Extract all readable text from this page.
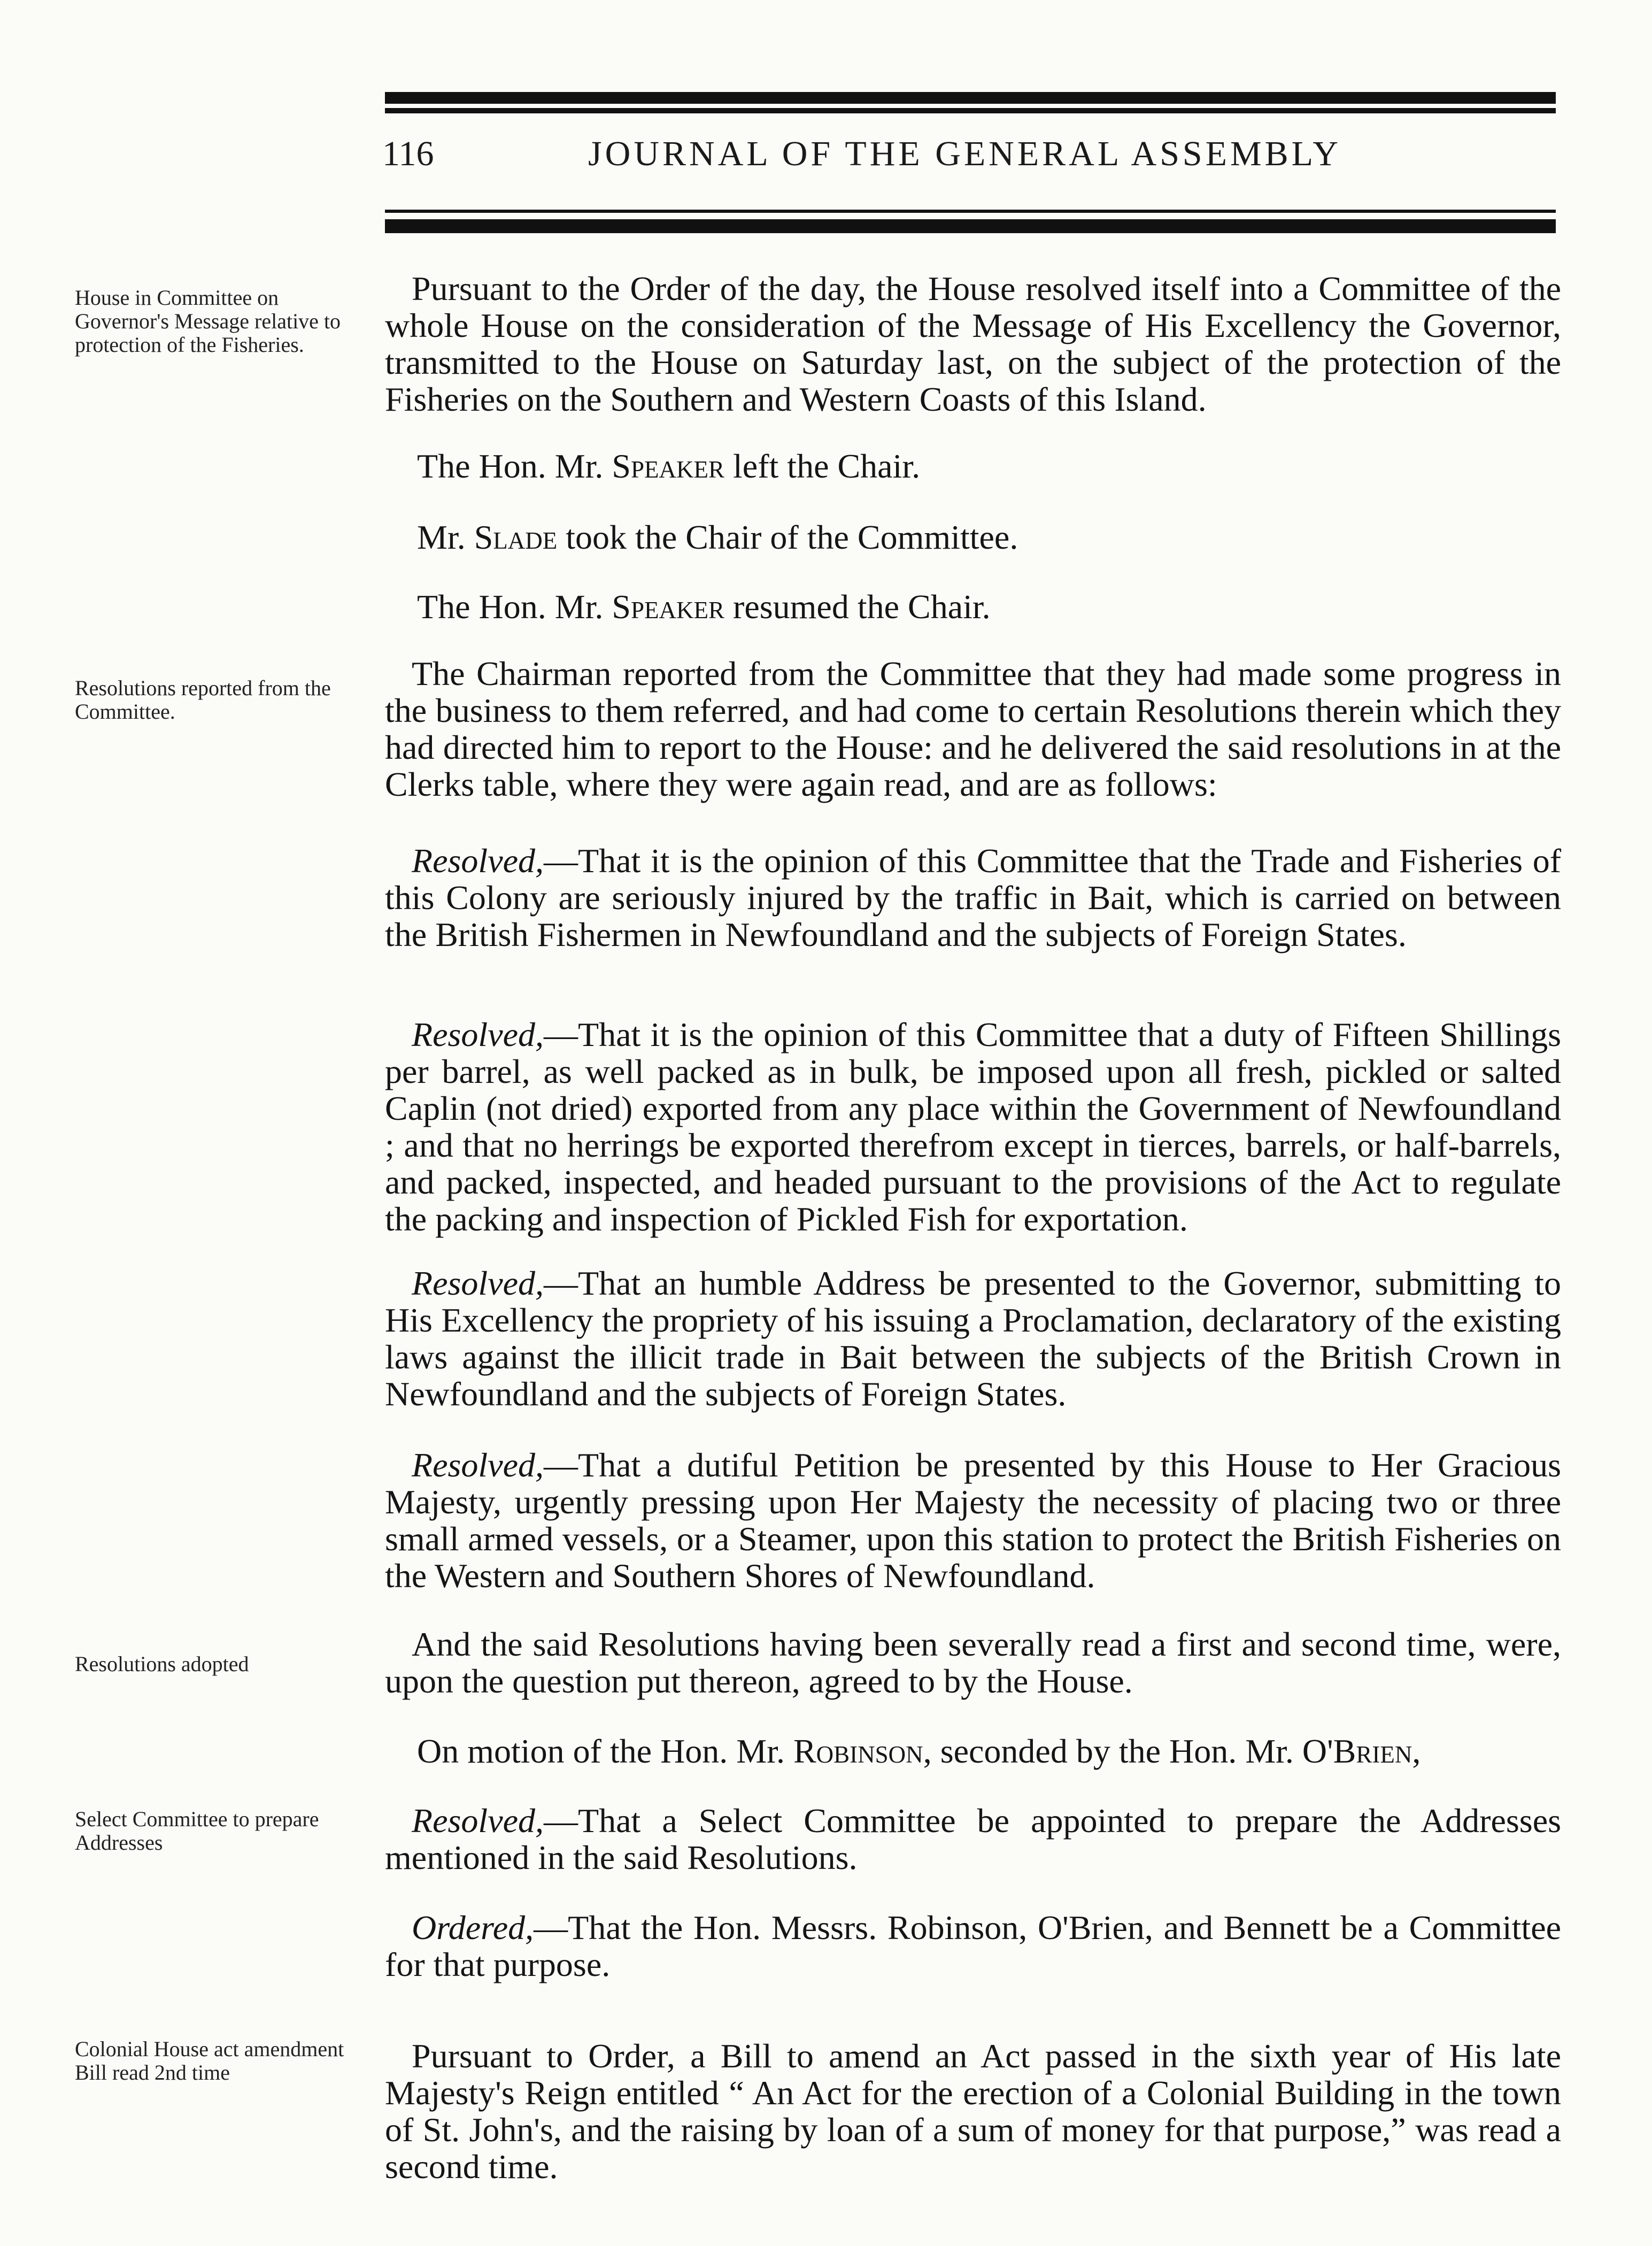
116	JOURNAL OF THE GENERAL ASSEMBLY
House in Committee on Governor's Message relative to protection of the Fisheries.
Resolutions reported from the Committee.
Resolutions adopted
Select Committee to prepare Addresses
Colonial House act amendment Bill read 2nd time
Pursuant to the Order of the day, the House resolved itself into a Committee of the whole House on the consideration of the Message of His Excellency the Governor, transmitted to the House on Saturday last, on the subject of the protection of the Fisheries on the Southern and Western Coasts of this Island.
The Hon. Mr. Speaker left the Chair.
Mr. Slade took the Chair of the Committee.
The Hon. Mr. Speaker resumed the Chair.
The Chairman reported from the Committee that they had made some progress in the business to them referred, and had come to certain Resolutions therein which they had directed him to report to the House: and he delivered the said resolutions in at the Clerks table, where they were again read, and are as follows:
Resolved,—That it is the opinion of this Committee that the Trade and Fisheries of this Colony are seriously injured by the traffic in Bait, which is carried on between the British Fishermen in Newfoundland and the subjects of Foreign States.
Resolved,—That it is the opinion of this Committee that a duty of Fifteen Shillings per barrel, as well packed as in bulk, be imposed upon all fresh, pickled or salted Caplin (not dried) exported from any place within the Government of Newfoundland ; and that no herrings be exported therefrom except in tierces, barrels, or half-barrels, and packed, inspected, and headed pursuant to the provisions of the Act to regulate the packing and inspection of Pickled Fish for exportation.
Resolved,—That an humble Address be presented to the Governor, submitting to His Excellency the propriety of his issuing a Proclamation, declaratory of the existing laws against the illicit trade in Bait between the subjects of the British Crown in Newfoundland and the subjects of Foreign States.
Resolved,—That a dutiful Petition be presented by this House to Her Gracious Majesty, urgently pressing upon Her Majesty the necessity of placing two or three small armed vessels, or a Steamer, upon this station to protect the British Fisheries on the Western and Southern Shores of Newfoundland.
And the said Resolutions having been severally read a first and second time, were, upon the question put thereon, agreed to by the House.
On motion of the Hon. Mr. Robinson, seconded by the Hon. Mr. O'Brien,
Resolved,—That a Select Committee be appointed to prepare the Addresses mentioned in the said Resolutions.
Ordered,—That the Hon. Messrs. Robinson, O'Brien, and Bennett be a Committee for that purpose.
Pursuant to Order, a Bill to amend an Act passed in the sixth year of His late Majesty's Reign entitled “ An Act for the erection of a Colonial Building in the town of St. John's, and the raising by loan of a sum of money for that purpose,” was read a second time.
